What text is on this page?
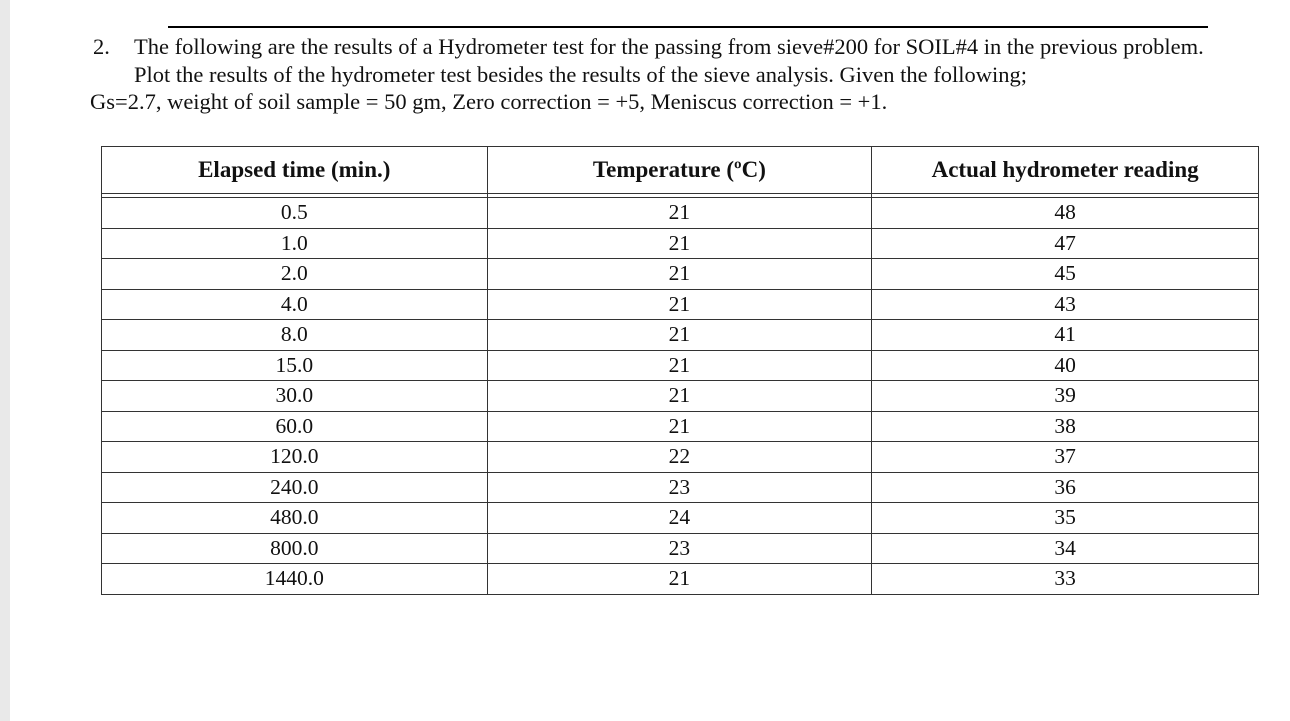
2. The following are the results of a Hydrometer test for the passing from sieve#200 for SOIL#4 in the previous problem.
Plot the results of the hydrometer test besides the results of the sieve analysis. Given the following;
Gs=2.7, weight of soil sample = 50 gm, Zero correction = +5, Meniscus correction = +1.
Elapsed time (min.)	Temperature (ºC)	Actual hydrometer reading

0.5	21	48
1.0	21	47
2.0	21	45
4.0	21	43
8.0	21	41
15.0	21	40
30.0	21	39
60.0	21	38
120.0	22	37
240.0	23	36
480.0	24	35
800.0	23	34
1440.0	21	33
